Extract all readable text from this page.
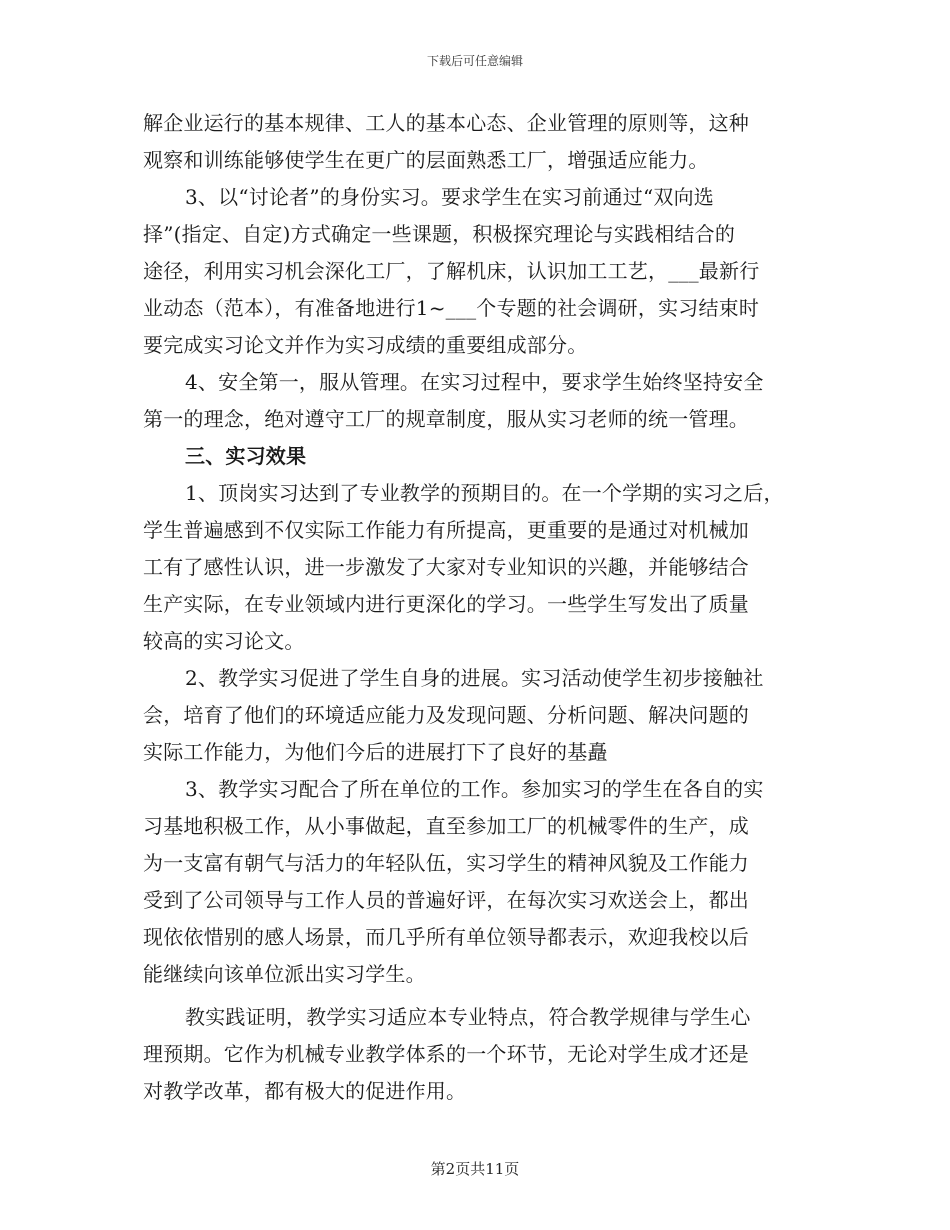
下载后可任意编辑
解企业运行的基本规律、工人的基本心态、企业管理的原则等，这种
观察和训练能够使学生在更广的层面熟悉工厂，增强适应能力。
3、以“讨论者”的身份实习。要求学生在实习前通过“双向选
择”(指定、自定)方式确定一些课题，积极探究理论与实践相结合的
途径，利用实习机会深化工厂，了解机床，认识加工工艺，___最新行
业动态（范本），有准备地进行1~___个专题的社会调研，实习结束时
要完成实习论文并作为实习成绩的重要组成部分。
4、安全第一，服从管理。在实习过程中，要求学生始终坚持安全
第一的理念，绝对遵守工厂的规章制度，服从实习老师的统一管理。
三、实习效果
1、顶岗实习达到了专业教学的预期目的。在一个学期的实习之后，
学生普遍感到不仅实际工作能力有所提高，更重要的是通过对机械加
工有了感性认识，进一步激发了大家对专业知识的兴趣，并能够结合
生产实际，在专业领域内进行更深化的学习。一些学生写发出了质量
较高的实习论文。
2、教学实习促进了学生自身的进展。实习活动使学生初步接触社
会，培育了他们的环境适应能力及发现问题、分析问题、解决问题的
实际工作能力，为他们今后的进展打下了良好的基矗
3、教学实习配合了所在单位的工作。参加实习的学生在各自的实
习基地积极工作，从小事做起，直至参加工厂的机械零件的生产，成
为一支富有朝气与活力的年轻队伍，实习学生的精神风貌及工作能力
受到了公司领导与工作人员的普遍好评，在每次实习欢送会上，都出
现依依惜别的感人场景，而几乎所有单位领导都表示，欢迎我校以后
能继续向该单位派出实习学生。
教实践证明，教学实习适应本专业特点，符合教学规律与学生心
理预期。它作为机械专业教学体系的一个环节，无论对学生成才还是
对教学改革，都有极大的促进作用。
第2页共11页
